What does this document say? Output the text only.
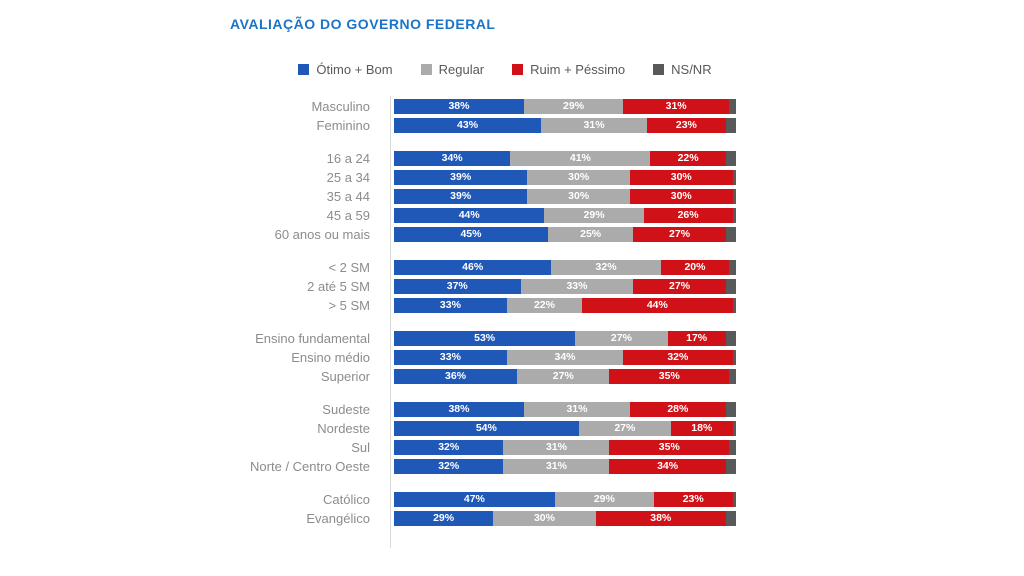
AVALIAÇÃO DO GOVERNO FEDERAL
Ótimo + Bom	Regular	Ruim + Péssimo	NS/NR
Masculino	38%	29%	31%
Feminino	43%	31%	23%
16 a 24	34%	41%	22%
25 a 34	39%	30%	30%
35 a 44	39%	30%	30%
45 a 59	44%	29%	26%
60 anos ou mais	45%	25%	27%
< 2 SM	46%	32%	20%
2 até 5 SM	37%	33%	27%
> 5 SM	33%	22%	44%
Ensino fundamental	53%	27%	17%
Ensino médio	33%	34%	32%
Superior	36%	27%	35%
Sudeste	38%	31%	28%
Nordeste	54%	27%	18%
Sul	32%	31%	35%
Norte / Centro Oeste	32%	31%	34%
Católico	47%	29%	23%
Evangélico	29%	30%	38%
